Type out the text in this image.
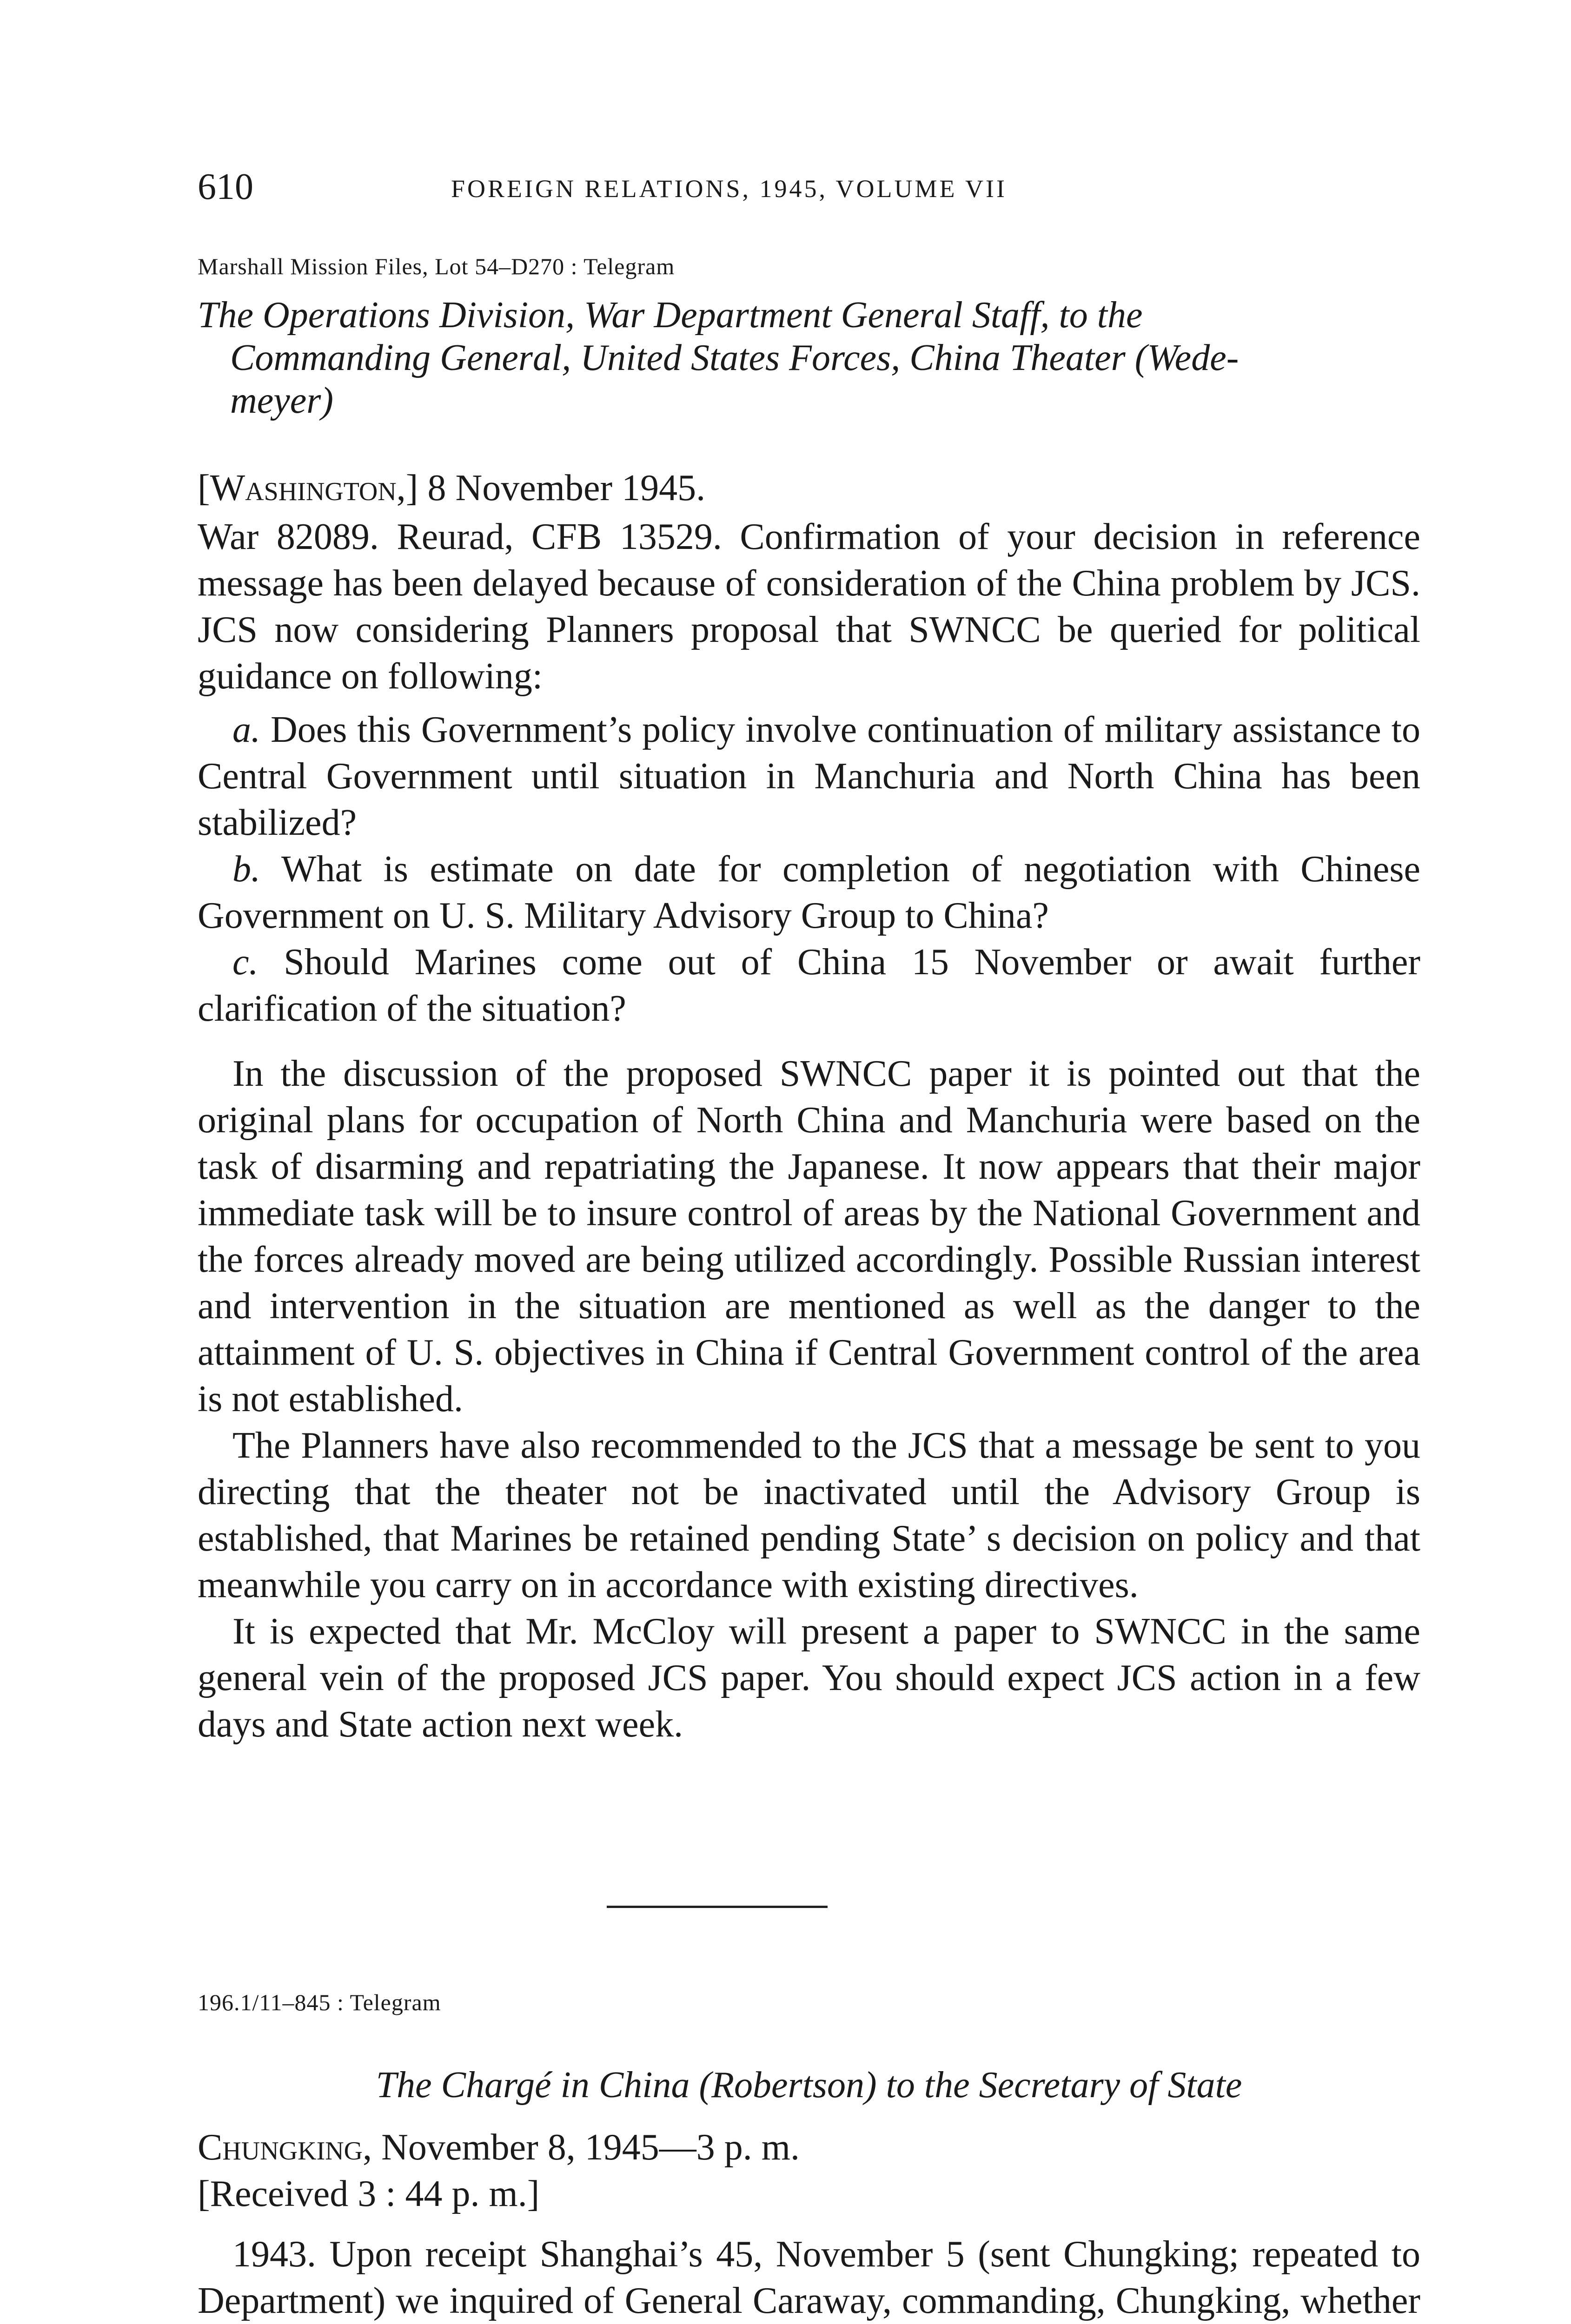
610	FOREIGN RELATIONS, 1945, VOLUME VII
Marshall Mission Files, Lot 54–D270 : Telegram
The Operations Division, War Department General Staff, to the
Commanding General, United States Forces, China Theater (Wede-
meyer)
[Washington,] 8 November 1945.

War 82089. Reurad, CFB 13529. Confirmation of your decision in reference message has been delayed because of consideration of the China problem by JCS. JCS now considering Planners proposal that SWNCC be queried for political guidance on following:

a. Does this Government’s policy involve continuation of military assistance to Central Government until situation in Manchuria and North China has been stabilized?

b. What is estimate on date for completion of negotiation with Chinese Government on U. S. Military Advisory Group to China?

c. Should Marines come out of China 15 November or await further clarification of the situation?

In the discussion of the proposed SWNCC paper it is pointed out that the original plans for occupation of North China and Manchuria were based on the task of disarming and repatriating the Japanese. It now appears that their major immediate task will be to insure control of areas by the National Government and the forces already moved are being utilized accordingly. Possible Russian interest and intervention in the situation are mentioned as well as the danger to the attainment of U. S. objectives in China if Central Government control of the area is not established.

The Planners have also recommended to the JCS that a message be sent to you directing that the theater not be inactivated until the Advisory Group is established, that Marines be retained pending State’ s decision on policy and that meanwhile you carry on in accordance with existing directives.

It is expected that Mr. McCloy will present a paper to SWNCC in the same general vein of the proposed JCS paper. You should expect JCS action in a few days and State action next week.

196.1/11–845 : Telegram
The Chargé in China (Robertson) to the Secretary of State
Chungking, November 8, 1945—3 p. m.
[Received 3 : 44 p. m.]

1943. Upon receipt Shanghai’s 45, November 5 (sent Chungking; repeated to Department) we inquired of General Caraway, commanding, Chungking, whether
